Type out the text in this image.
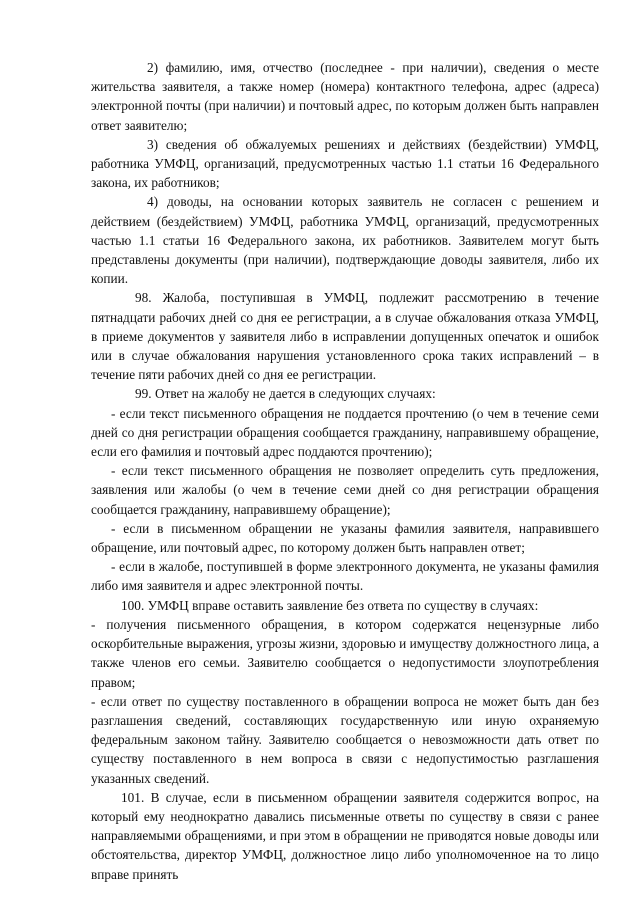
2) фамилию, имя, отчество (последнее - при наличии), сведения о месте жительства заявителя, а также номер (номера) контактного телефона, адрес (адреса) электронной почты (при наличии) и почтовый адрес, по которым должен быть направлен ответ заявителю;

3) сведения об обжалуемых решениях и действиях (бездействии) УМФЦ, работника УМФЦ, организаций, предусмотренных частью 1.1 статьи 16 Федерального закона, их работников;

4) доводы, на основании которых заявитель не согласен с решением и действием (бездействием) УМФЦ, работника УМФЦ, организаций, предусмотренных частью 1.1 статьи 16 Федерального закона, их работников. Заявителем могут быть представлены документы (при наличии), подтверждающие доводы заявителя, либо их копии.

98. Жалоба, поступившая в УМФЦ, подлежит рассмотрению в течение пятнадцати рабочих дней со дня ее регистрации, а в случае обжалования отказа УМФЦ, в приеме документов у заявителя либо в исправлении допущенных опечаток и ошибок или в случае обжалования нарушения установленного срока таких исправлений – в течение пяти рабочих дней со дня ее регистрации.

99. Ответ на жалобу не дается в следующих случаях:

- если текст письменного обращения не поддается прочтению (о чем в течение семи дней со дня регистрации обращения сообщается гражданину, направившему обращение, если его фамилия и почтовый адрес поддаются прочтению);

- если текст письменного обращения не позволяет определить суть предложения, заявления или жалобы (о чем в течение семи дней со дня регистрации обращения сообщается гражданину, направившему обращение);

- если в письменном обращении не указаны фамилия заявителя, направившего обращение, или почтовый адрес, по которому должен быть направлен ответ;

- если в жалобе, поступившей в форме электронного документа, не указаны фамилия либо имя заявителя и адрес электронной почты.

100. УМФЦ вправе оставить заявление без ответа по существу в случаях:

- получения письменного обращения, в котором содержатся нецензурные либо оскорбительные выражения, угрозы жизни, здоровью и имуществу должностного лица, а также членов его семьи. Заявителю сообщается о недопустимости злоупотребления правом;

- если ответ по существу поставленного в обращении вопроса не может быть дан без разглашения сведений, составляющих государственную или иную охраняемую федеральным законом тайну. Заявителю сообщается о невозможности дать ответ по существу поставленного в нем вопроса в связи с недопустимостью разглашения указанных сведений.

101. В случае, если в письменном обращении заявителя содержится вопрос, на который ему неоднократно давались письменные ответы по существу в связи с ранее направляемыми обращениями, и при этом в обращении не приводятся новые доводы или обстоятельства, директор УМФЦ, должностное лицо либо уполномоченное на то лицо вправе принять
